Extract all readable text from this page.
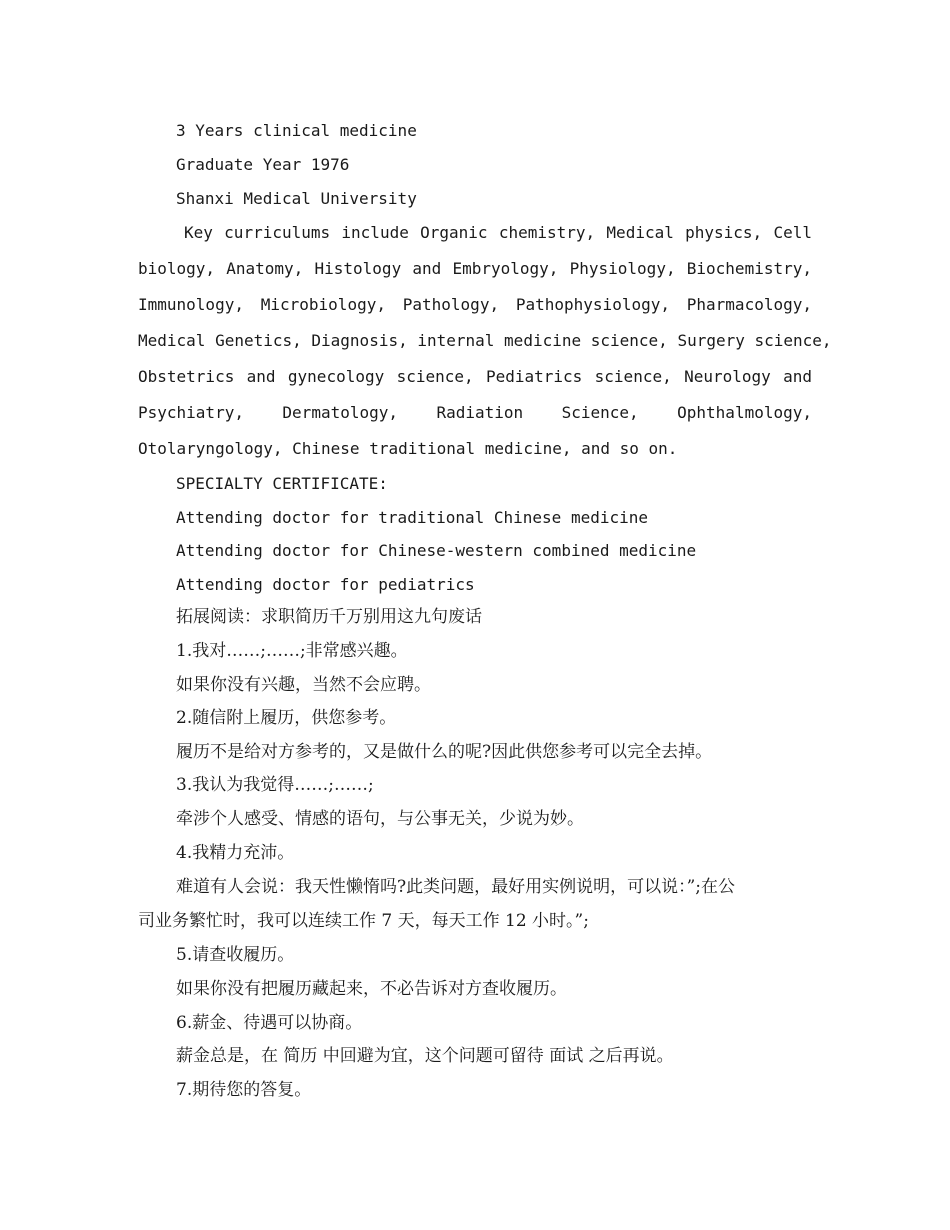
3 Years clinical medicine
Graduate Year 1976
Shanxi Medical University
Key curriculums include Organic chemistry, Medical physics, Cell
biology, Anatomy, Histology and Embryology, Physiology, Biochemistry,
Immunology, Microbiology, Pathology, Pathophysiology, Pharmacology,
Medical Genetics, Diagnosis, internal medicine science, Surgery science,
Obstetrics and gynecology science, Pediatrics science, Neurology and
Psychiatry, Dermatology, Radiation Science, Ophthalmology,
Otolaryngology, Chinese traditional medicine, and so on.
SPECIALTY CERTIFICATE:
Attending doctor for traditional Chinese medicine
Attending doctor for Chinese-western combined medicine
Attending doctor for pediatrics
拓展阅读：求职简历千万别用这九句废话
1.我对……;……;非常感兴趣。
如果你没有兴趣，当然不会应聘。
2.随信附上履历，供您参考。
履历不是给对方参考的，又是做什么的呢?因此供您参考可以完全去掉。
3.我认为我觉得……;……;
牵涉个人感受、情感的语句，与公事无关，少说为妙。
4.我精力充沛。
难道有人会说：我天性懒惰吗?此类问题，最好用实例说明，可以说：”;在公
司业务繁忙时，我可以连续工作 7 天，每天工作 12 小时。”;
5.请查收履历。
如果你没有把履历藏起来，不必告诉对方查收履历。
6.薪金、待遇可以协商。
薪金总是，在 简历 中回避为宜，这个问题可留待 面试 之后再说。
7.期待您的答复。
